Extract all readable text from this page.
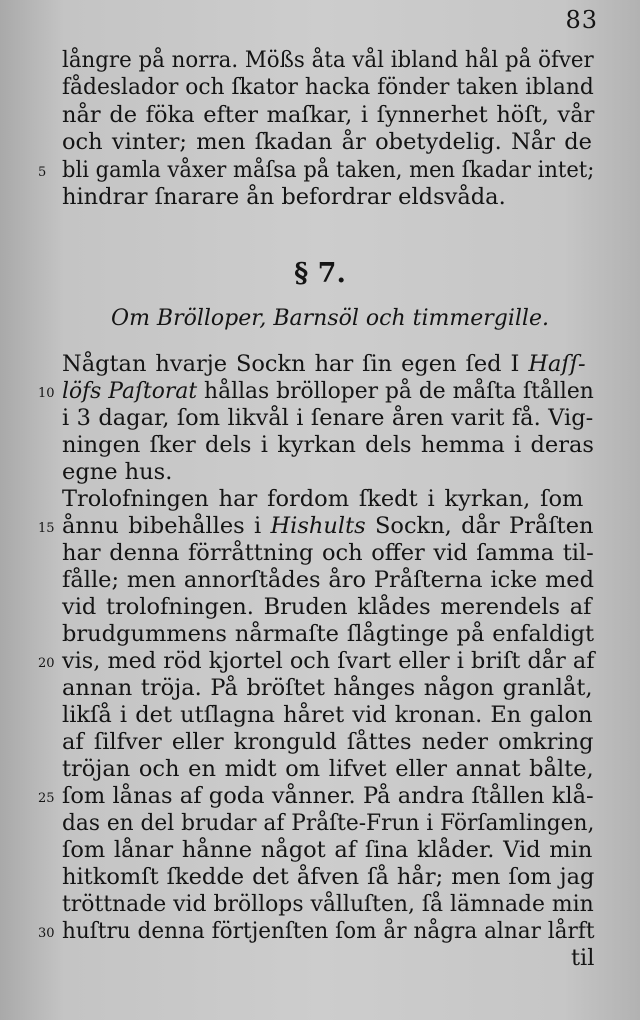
83
§ 7.
Om Brölloper, Barnsöl och timmergille.
långre på norra. Mößs åta vål ibland hål på öfver
fådeslador och ſkator hacka fönder taken ibland
når de föka efter maſkar, i ſynnerhet höſt, vår
och vinter; men ſkadan år obetydelig. Når de
bli gamla våxer måſsa på taken, men ſkadar intet;
5
hindrar ſnarare ån befordrar eldsvåda.
Någtan hvarje Sockn har ſin egen ſed I Haſſ-
löfs Paſtorat hållas brölloper på de måſta ſtållen
10
i 3 dagar, ſom likvål i ſenare åren varit få. Vig-
ningen ſker dels i kyrkan dels hemma i deras
egne hus.
Trolofningen har fordom ſkedt i kyrkan, ſom
ånnu bibehålles i Hishults Sockn, dår Pråſten
15
har denna förråttning och offer vid ſamma til-
fålle; men annorſtådes åro Pråſterna icke med
vid trolofningen. Bruden klådes merendels af
brudgummens nårmaſte ſlågtinge på enfaldigt
vis, med röd kjortel och ſvart eller i briſt dår af
20
annan tröja. På bröſtet hånges någon granlåt,
likſå i det utſlagna håret vid kronan. En galon
af ſilfver eller kronguld ſåttes neder omkring
tröjan och en midt om lifvet eller annat bålte,
ſom lånas af goda vånner. På andra ſtållen klå-
25
das en del brudar af Pråſte-Frun i Förſamlingen,
ſom lånar hånne något af ſina klåder. Vid min
hitkomſt ſkedde det åfven ſå hår; men ſom jag
tröttnade vid bröllops vålluſten, ſå lämnade min
huſtru denna förtjenſten ſom år några alnar lårft
30
til
